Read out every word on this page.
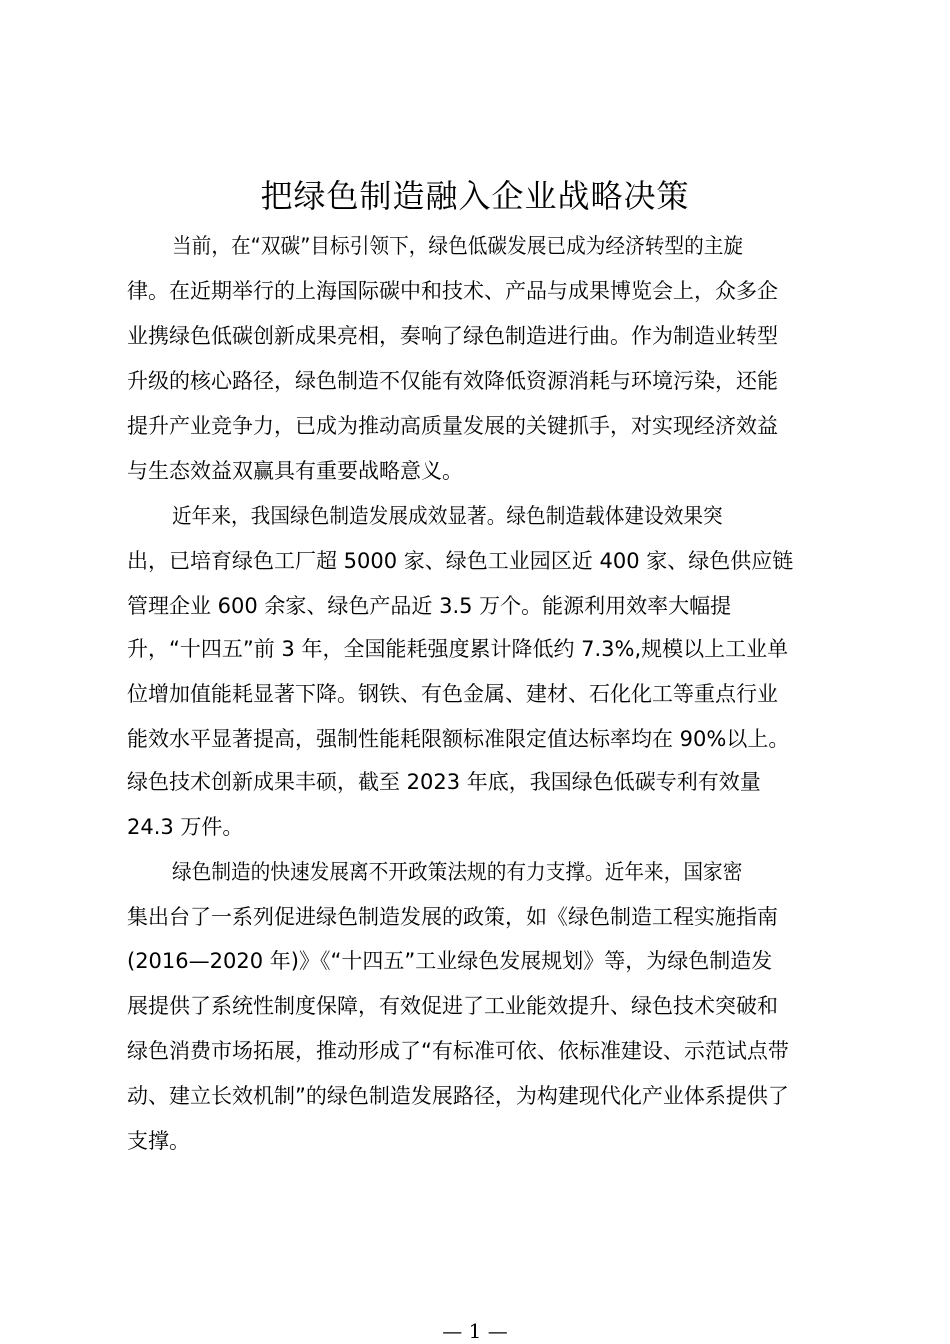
把绿色制造融入企业战略决策

当前，在“双碳”目标引领下，绿色低碳发展已成为经济转型的主旋

律。在近期举行的上海国际碳中和技术、产品与成果博览会上，众多企

业携绿色低碳创新成果亮相，奏响了绿色制造进行曲。作为制造业转型

升级的核心路径，绿色制造不仅能有效降低资源消耗与环境污染，还能

提升产业竞争力，已成为推动高质量发展的关键抓手，对实现经济效益

与生态效益双赢具有重要战略意义。

近年来，我国绿色制造发展成效显著。绿色制造载体建设效果突

出，已培育绿色工厂超 5000 家、绿色工业园区近 400 家、绿色供应链

管理企业 600 余家、绿色产品近 3.5 万个。能源利用效率大幅提

升，“十四五”前 3 年，全国能耗强度累计降低约 7.3%,规模以上工业单

位增加值能耗显著下降。钢铁、有色金属、建材、石化化工等重点行业

能效水平显著提高，强制性能耗限额标准限定值达标率均在 90%以上。

绿色技术创新成果丰硕，截至 2023 年底，我国绿色低碳专利有效量

24.3 万件。

绿色制造的快速发展离不开政策法规的有力支撑。近年来，国家密

集出台了一系列促进绿色制造发展的政策，如《绿色制造工程实施指南

(2016—2020 年)》《“十四五”工业绿色发展规划》等，为绿色制造发

展提供了系统性制度保障，有效促进了工业能效提升、绿色技术突破和

绿色消费市场拓展，推动形成了“有标准可依、依标准建设、示范试点带

动、建立长效机制”的绿色制造发展路径，为构建现代化产业体系提供了

支撑。

— 1 —
